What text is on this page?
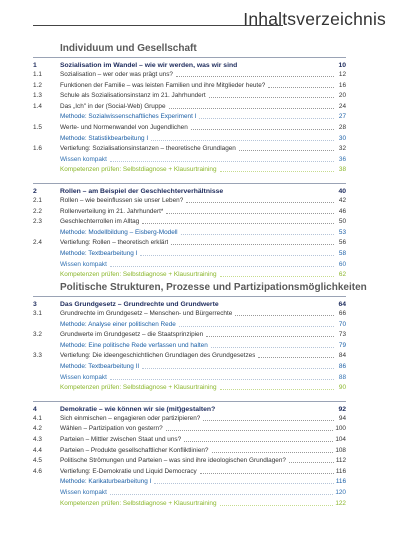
Inhaltsverzeichnis
Individuum und Gesellschaft
1	Sozialisation im Wandel – wie wir werden, was wir sind	10
1.1	Sozialisation – wer oder was prägt uns?	12
1.2	Funktionen der Familie – was leisten Familien und ihre Mitglieder heute?	16
1.3	Schule als Sozialisationsinstanz im 21. Jahrhundert	20
1.4	Das „Ich" in der (Social-Web) Gruppe	24
Methode: Sozialwissenschaftliches Experiment I	27
1.5	Werte- und Normenwandel von Jugendlichen	28
Methode: Statistikbearbeitung I	30
1.6	Vertiefung: Sozialisationsinstanzen – theoretische Grundlagen	32
Wissen kompakt	36
Kompetenzen prüfen: Selbstdiagnose + Klausurtraining	38
2	Rollen – am Beispiel der Geschlechterverhältnisse	40
2.1	Rollen – wie beeinflussen sie unser Leben?	42
2.2	Rollenverteilung im 21. Jahrhundert*	46
2.3	Geschlechterrollen im Alltag	50
Methode: Modellbildung – Eisberg-Modell	53
2.4	Vertiefung: Rollen – theoretisch erklärt	56
Methode: Textbearbeitung I	58
Wissen kompakt	60
Kompetenzen prüfen: Selbstdiagnose + Klausurtraining	62
Politische Strukturen, Prozesse und Partizipationsmöglichkeiten
3	Das Grundgesetz – Grundrechte und Grundwerte	64
3.1	Grundrechte im Grundgesetz – Menschen- und Bürgerrechte	66
Methode: Analyse einer politischen Rede	70
3.2	Grundwerte im Grundgesetz – die Staatsprinzipien	73
Methode: Eine politische Rede verfassen und halten	79
3.3	Vertiefung: Die ideengeschichtlichen Grundlagen des Grundgesetzes	84
Methode: Textbearbeitung II	86
Wissen kompakt	88
Kompetenzen prüfen: Selbstdiagnose + Klausurtraining	90
4	Demokratie – wie können wir sie (mit)gestalten?	92
4.1	Sich einmischen – engagieren oder partizipieren?	94
4.2	Wählen – Partizipation von gestern?	100
4.3	Parteien – Mittler zwischen Staat und uns?	104
4.4	Parteien – Produkte gesellschaftlicher Konfliktlinien?	108
4.5	Politische Strömungen und Parteien – was sind ihre ideologischen Grundlagen?	112
4.6	Vertiefung: E-Demokratie und Liquid Democracy	116
Methode: Karikaturbearbeitung I	116
Wissen kompakt	120
Kompetenzen prüfen: Selbstdiagnose + Klausurtraining	122
